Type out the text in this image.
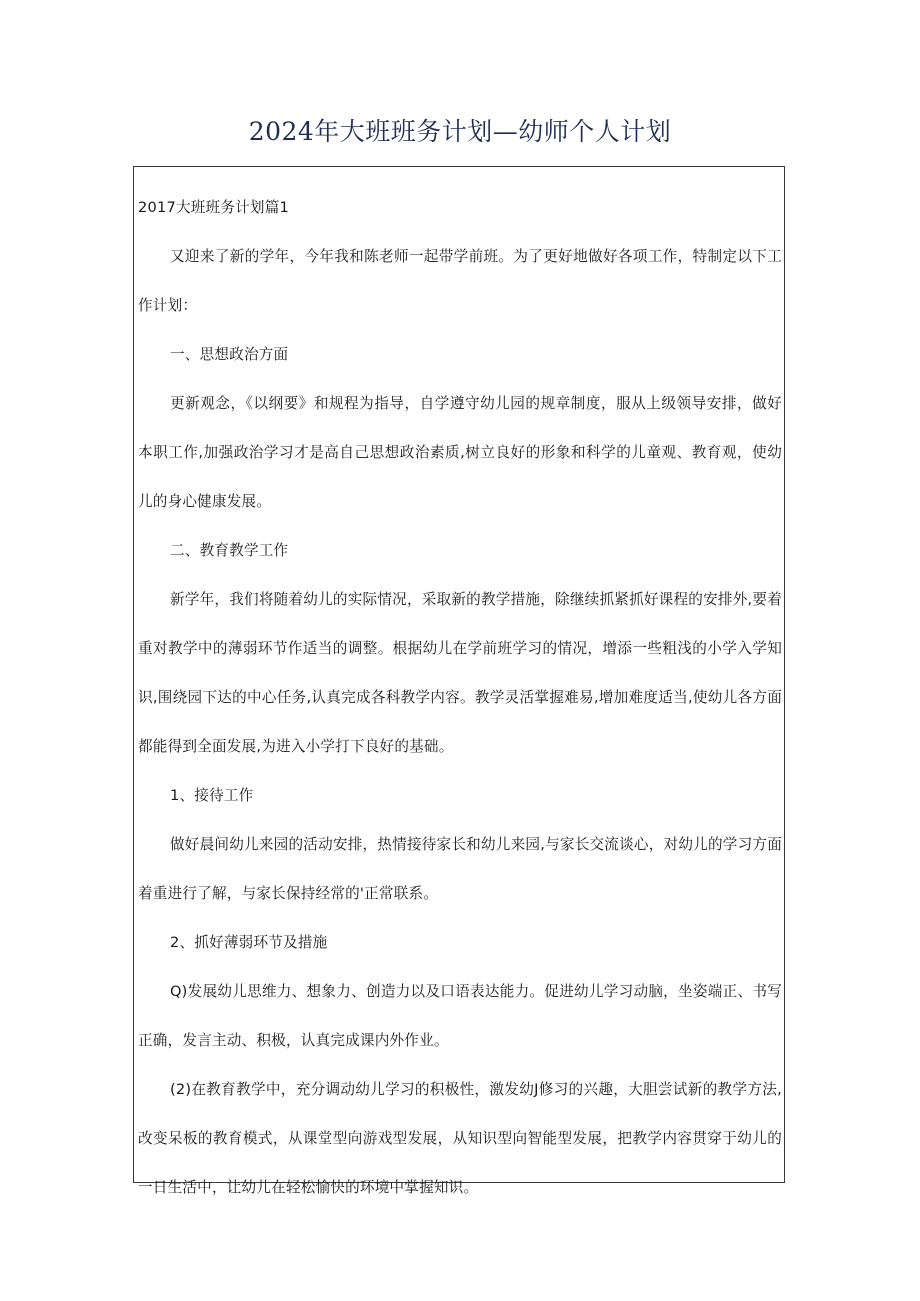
2024年大班班务计划—幼师个人计划

2017大班班务计划篇1

又迎来了新的学年，今年我和陈老师一起带学前班。为了更好地做好各项工作，特制定以下工作计划：

一、思想政治方面

更新观念，《以纲要》和规程为指导，自学遵守幼儿园的规章制度，服从上级领导安排，做好本职工作,加强政治学习才是高自己思想政治素质,树立良好的形象和科学的儿童观、教育观，使幼儿的身心健康发展。

二、教育教学工作

新学年，我们将随着幼儿的实际情况，采取新的教学措施，除继续抓紧抓好课程的安排外,要着重对教学中的薄弱环节作适当的调整。根据幼儿在学前班学习的情况，增添一些粗浅的小学入学知识,围绕园下达的中心任务,认真完成各科教学内容。教学灵活掌握难易,增加难度适当,使幼儿各方面都能得到全面发展,为进入小学打下良好的基础。

1、接待工作

做好晨间幼儿来园的活动安排，热情接待家长和幼儿来园,与家长交流谈心，对幼儿的学习方面着重进行了解，与家长保持经常的'正常联系。

2、抓好薄弱环节及措施

Q)发展幼儿思维力、想象力、创造力以及口语表达能力。促进幼儿学习动脑，坐姿端正、书写正确，发言主动、积极，认真完成课内外作业。

(2)在教育教学中，充分调动幼儿学习的积极性，激发幼J修习的兴趣，大胆尝试新的教学方法,改变呆板的教育模式，从课堂型向游戏型发展，从知识型向智能型发展，把教学内容贯穿于幼儿的一日生活中，让幼儿在轻松愉快的环境中掌握知识。
